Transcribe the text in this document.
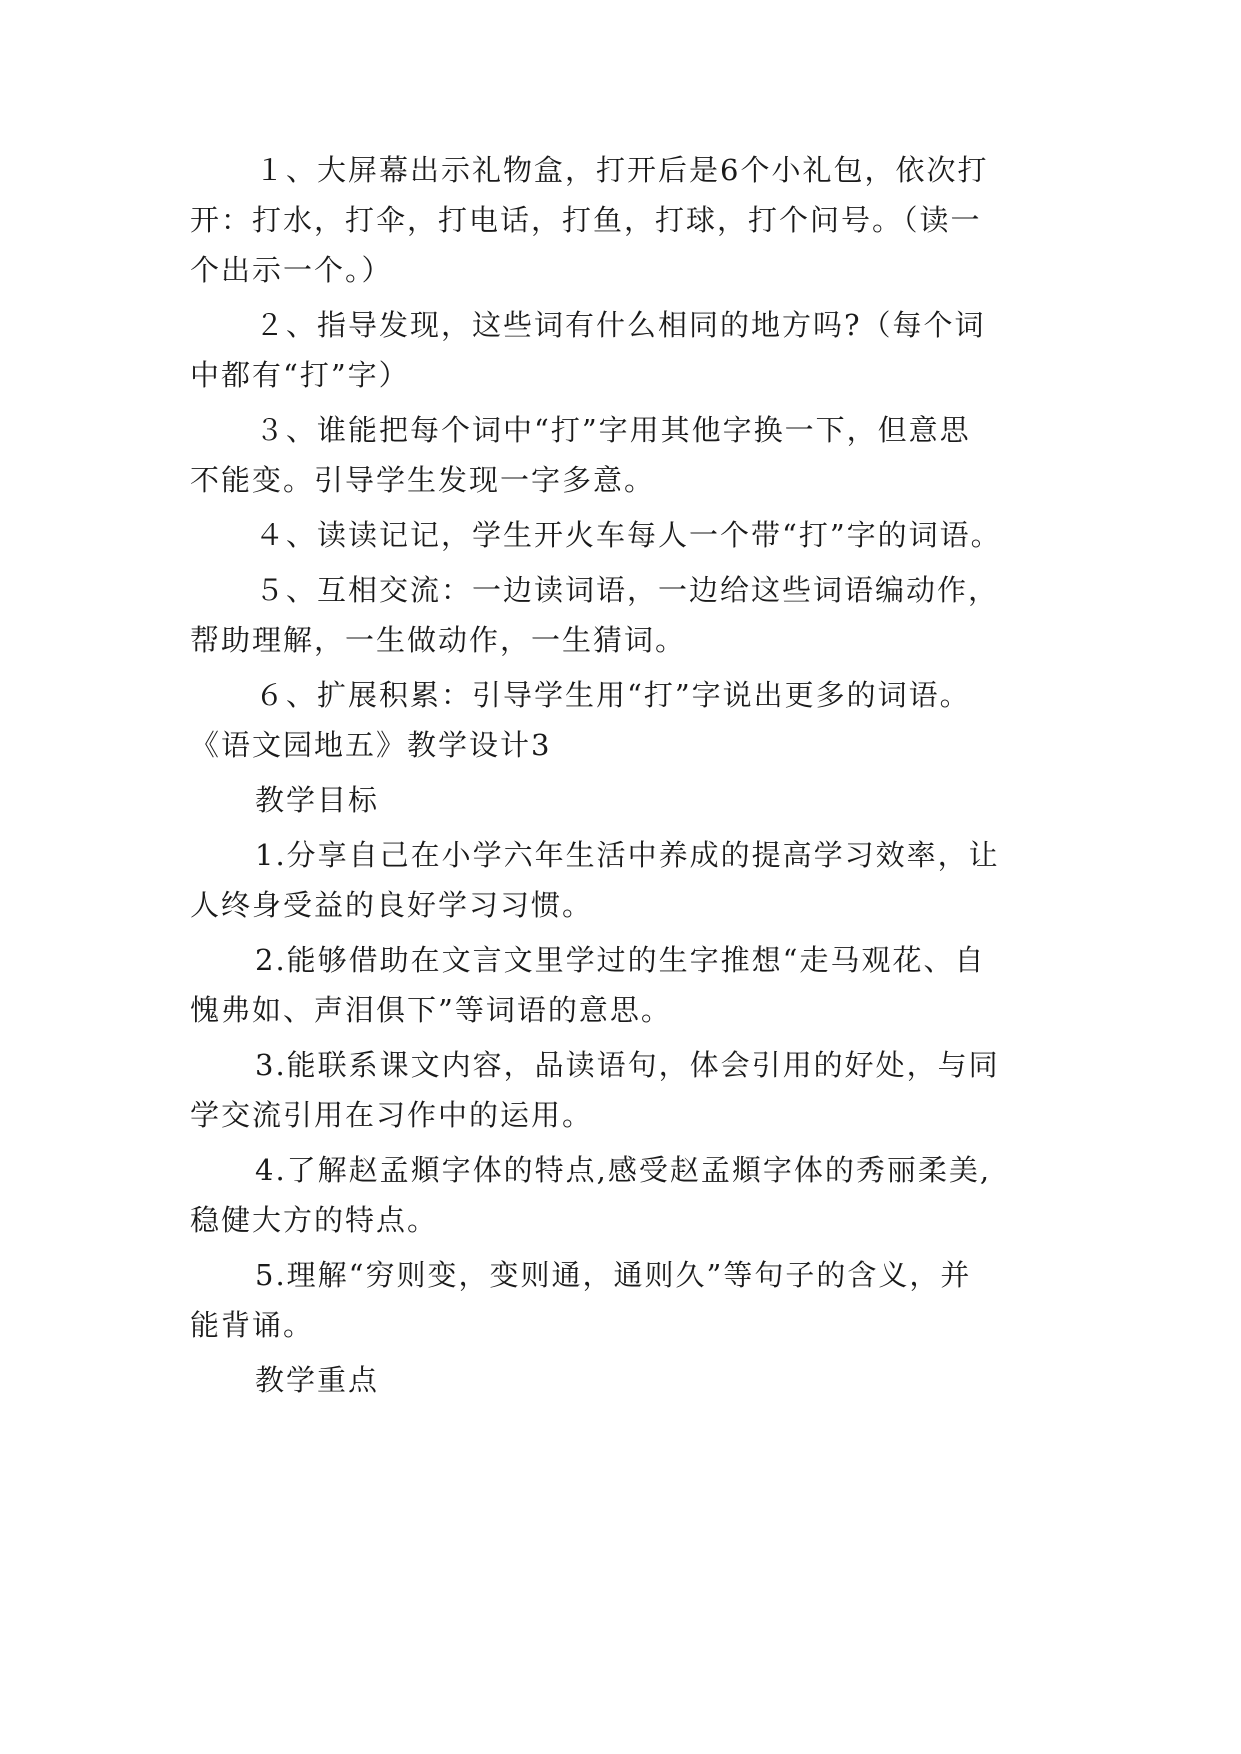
１、大屏幕出示礼物盒，打开后是6个小礼包，依次打
开：打水，打伞，打电话，打鱼，打球，打个问号。（读一
个出示一个。）
２、指导发现，这些词有什么相同的地方吗?（每个词
中都有“打”字）
３、谁能把每个词中“打”字用其他字换一下，但意思
不能变。引导学生发现一字多意。
４、读读记记，学生开火车每人一个带“打”字的词语。
５、互相交流：一边读词语，一边给这些词语编动作，
帮助理解，一生做动作，一生猜词。
６、扩展积累：引导学生用“打”字说出更多的词语。
《语文园地五》教学设计3
教学目标
1.分享自己在小学六年生活中养成的提高学习效率，让
人终身受益的良好学习习惯。
2.能够借助在文言文里学过的生字推想“走马观花、自
愧弗如、声泪俱下”等词语的意思。
3.能联系课文内容，品读语句，体会引用的好处，与同
学交流引用在习作中的运用。
4.了解赵孟頫字体的特点,感受赵孟頫字体的秀丽柔美,
稳健大方的特点。
5.理解“穷则变，变则通，通则久”等句子的含义，并
能背诵。
教学重点
